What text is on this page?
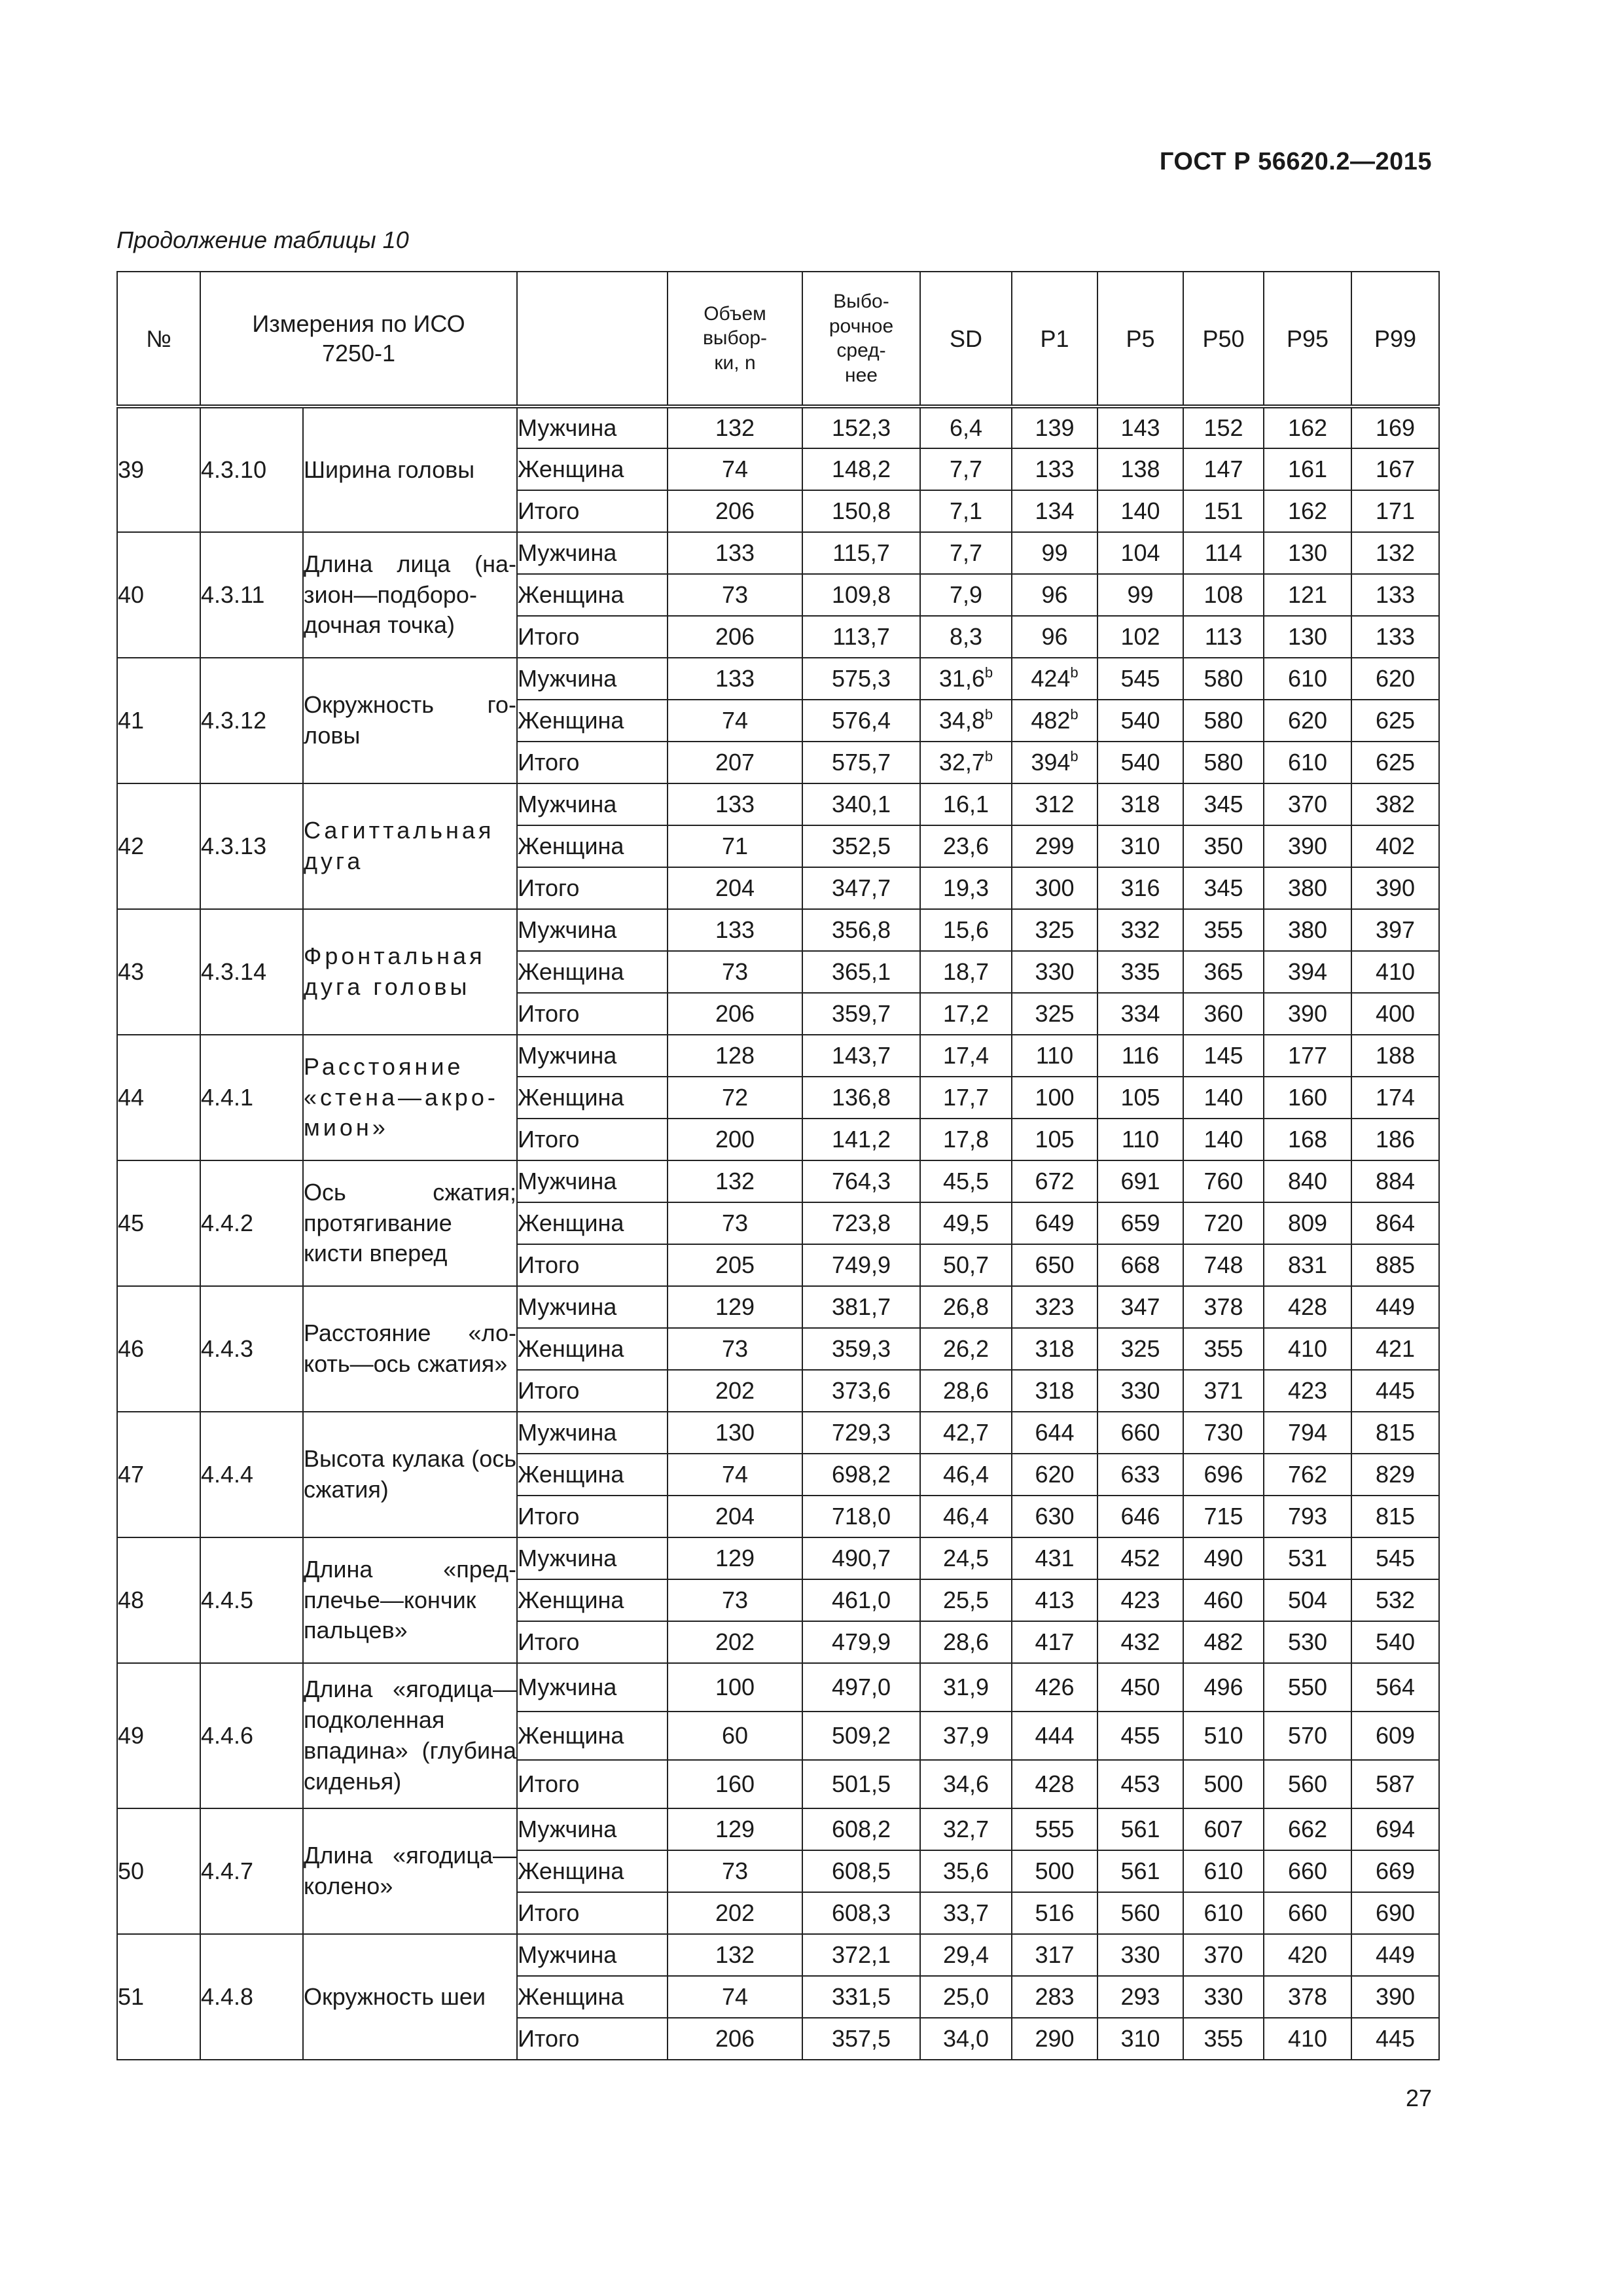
ГОСТ Р 56620.2—2015
Продолжение таблицы 10
№	Измерения по ИСО 7250-1			Объем выбор- ки, n	Выбо- рочное сред- нее	SD	P1	P5	P50	P95	P99
39	4.3.10	Ширина головы	Мужчина	132	152,3	6,4	139	143	152	162	169
			Женщина	74	148,2	7,7	133	138	147	161	167
			Итого	206	150,8	7,1	134	140	151	162	171
40	4.3.11	Длина лица (назион—подбородочная точка)	Мужчина	133	115,7	7,7	99	104	114	130	132
			Женщина	73	109,8	7,9	96	99	108	121	133
			Итого	206	113,7	8,3	96	102	113	130	133
41	4.3.12	Окружность головы	Мужчина	133	575,3	31,6$^b$	424$^b$	545	580	610	620
			Женщина	74	576,4	34,8$^b$	482$^b$	540	580	620	625
			Итого	207	575,7	32,7$^b$	394$^b$	540	580	610	625
42	4.3.13	Сагиттальная дуга	Мужчина	133	340,1	16,1	312	318	345	370	382
			Женщина	71	352,5	23,6	299	310	350	390	402
			Итого	204	347,7	19,3	300	316	345	380	390
43	4.3.14	Фронтальная дуга головы	Мужчина	133	356,8	15,6	325	332	355	380	397
			Женщина	73	365,1	18,7	330	335	365	394	410
			Итого	206	359,7	17,2	325	334	360	390	400
44	4.4.1	Расстояние «стена—акромион»	Мужчина	128	143,7	17,4	110	116	145	177	188
			Женщина	72	136,8	17,7	100	105	140	160	174
			Итого	200	141,2	17,8	105	110	140	168	186
45	4.4.2	Ось сжатия; протягивание кисти вперед	Мужчина	132	764,3	45,5	672	691	760	840	884
			Женщина	73	723,8	49,5	649	659	720	809	864
			Итого	205	749,9	50,7	650	668	748	831	885
46	4.4.3	Расстояние «локоть—ось сжатия»	Мужчина	129	381,7	26,8	323	347	378	428	449
			Женщина	73	359,3	26,2	318	325	355	410	421
			Итого	202	373,6	28,6	318	330	371	423	445
47	4.4.4	Высота кулака (ось сжатия)	Мужчина	130	729,3	42,7	644	660	730	794	815
			Женщина	74	698,2	46,4	620	633	696	762	829
			Итого	204	718,0	46,4	630	646	715	793	815
48	4.4.5	Длина «предплечье—кончик пальцев»	Мужчина	129	490,7	24,5	431	452	490	531	545
			Женщина	73	461,0	25,5	413	423	460	504	532
			Итого	202	479,9	28,6	417	432	482	530	540
49	4.4.6	Длина «ягодица—подколенная впадина» (глубина сиденья)	Мужчина	100	497,0	31,9	426	450	496	550	564
			Женщина	60	509,2	37,9	444	455	510	570	609
			Итого	160	501,5	34,6	428	453	500	560	587
50	4.4.7	Длина «ягодица—колено»	Мужчина	129	608,2	32,7	555	561	607	662	694
			Женщина	73	608,5	35,6	500	561	610	660	669
			Итого	202	608,3	33,7	516	560	610	660	690
51	4.4.8	Окружность шеи	Мужчина	132	372,1	29,4	317	330	370	420	449
			Женщина	74	331,5	25,0	283	293	330	378	390
			Итого	206	357,5	34,0	290	310	355	410	445
27
